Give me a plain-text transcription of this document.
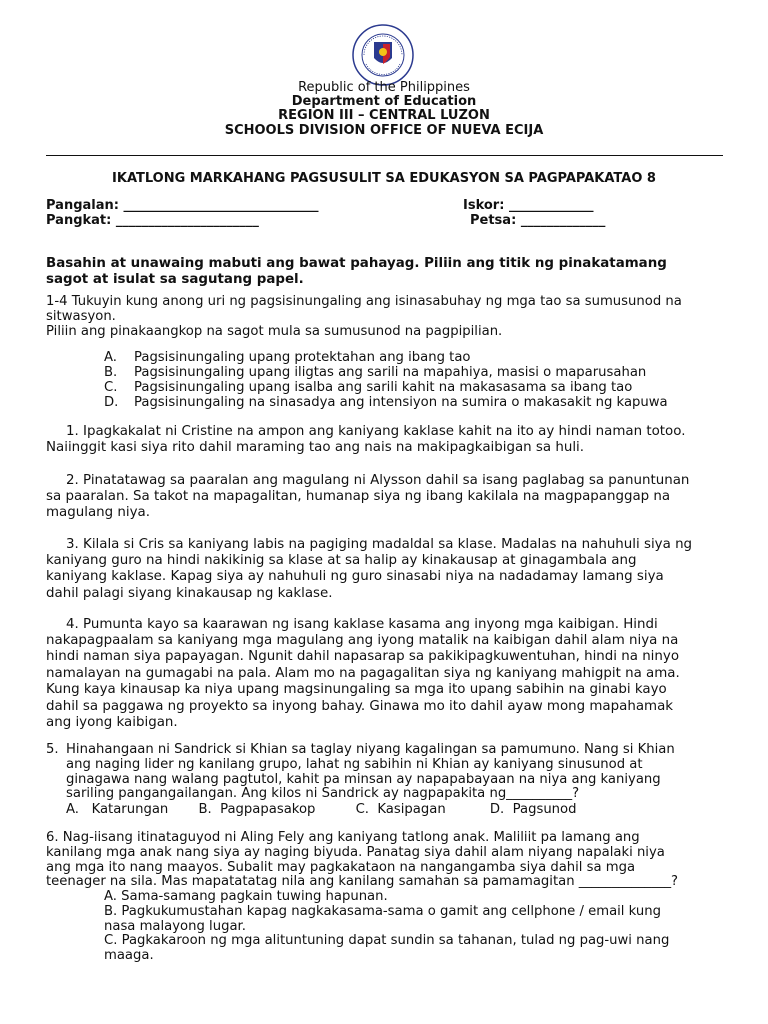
Republic of the Philippines
Department of Education
REGION III – CENTRAL LUZON
SCHOOLS DIVISION OFFICE OF NUEVA ECIJA
IKATLONG MARKAHANG PAGSUSULIT SA EDUKASYON SA PAGPAPAKATAO 8
Pangalan: ______________________________	Iskor: _____________
Pangkat: ______________________	Petsa: _____________
Basahin at unawaing mabuti ang bawat pahayag. Piliin ang titik ng pinakatamang
sagot at isulat sa sagutang papel.
1-4 Tukuyin kung anong uri ng pagsisinungaling ang isinasabuhay ng mga tao sa sumusunod na
sitwasyon.
Piliin ang pinakaangkop na sagot mula sa sumusunod na pagpipilian.
A. Pagsisinungaling upang protektahan ang ibang tao
B. Pagsisinungaling upang iligtas ang sarili na mapahiya, masisi o maparusahan
C. Pagsisinungaling upang isalba ang sarili kahit na makasasama sa ibang tao
D. Pagsisinungaling na sinasadya ang intensiyon na sumira o makasakit ng kapuwa
1. Ipagkakalat ni Cristine na ampon ang kaniyang kaklase kahit na ito ay hindi naman totoo.
Naiinggit kasi siya rito dahil maraming tao ang nais na makipagkaibigan sa huli.
2. Pinatatawag sa paaralan ang magulang ni Alysson dahil sa isang paglabag sa panuntunan
sa paaralan. Sa takot na mapagalitan, humanap siya ng ibang kakilala na magpapanggap na
magulang niya.
3. Kilala si Cris sa kaniyang labis na pagiging madaldal sa klase. Madalas na nahuhuli siya ng
kaniyang guro na hindi nakikinig sa klase at sa halip ay kinakausap at ginagambala ang
kaniyang kaklase. Kapag siya ay nahuhuli ng guro sinasabi niya na nadadamay lamang siya
dahil palagi siyang kinakausap ng kaklase.
4. Pumunta kayo sa kaarawan ng isang kaklase kasama ang inyong mga kaibigan. Hindi
nakapagpaalam sa kaniyang mga magulang ang iyong matalik na kaibigan dahil alam niya na
hindi naman siya papayagan. Ngunit dahil napasarap sa pakikipagkuwentuhan, hindi na ninyo
namalayan na gumagabi na pala. Alam mo na pagagalitan siya ng kaniyang mahigpit na ama.
Kung kaya kinausap ka niya upang magsinungaling sa mga ito upang sabihin na ginabi kayo
dahil sa paggawa ng proyekto sa inyong bahay. Ginawa mo ito dahil ayaw mong mapahamak
ang iyong kaibigan.
5. Hinahangaan ni Sandrick si Khian sa taglay niyang kagalingan sa pamumuno. Nang si Khian
ang naging lider ng kanilang grupo, lahat ng sabihin ni Khian ay kaniyang sinusunod at
ginagawa nang walang pagtutol, kahit pa minsan ay napapabayaan na niya ang kaniyang
sariling pangangailangan. Ang kilos ni Sandrick ay nagpapakita ng__________?
A. Katarungan B. Pagpapasakop	C. Kasipagan	D. Pagsunod
6. Nag-iisang itinataguyod ni Aling Fely ang kaniyang tatlong anak. Maliliit pa lamang ang
kanilang mga anak nang siya ay naging biyuda. Panatag siya dahil alam niyang napalaki niya
ang mga ito nang maayos. Subalit may pagkakataon na nangangamba siya dahil sa mga
teenager na sila. Mas mapatatatag nila ang kanilang samahan sa pamamagitan ______________?
A. Sama-samang pagkain tuwing hapunan.
B. Pagkukumustahan kapag nagkakasama-sama o gamit ang cellphone / email kung
nasa malayong lugar.
C. Pagkakaroon ng mga alituntuning dapat sundin sa tahanan, tulad ng pag-uwi nang
maaga.
